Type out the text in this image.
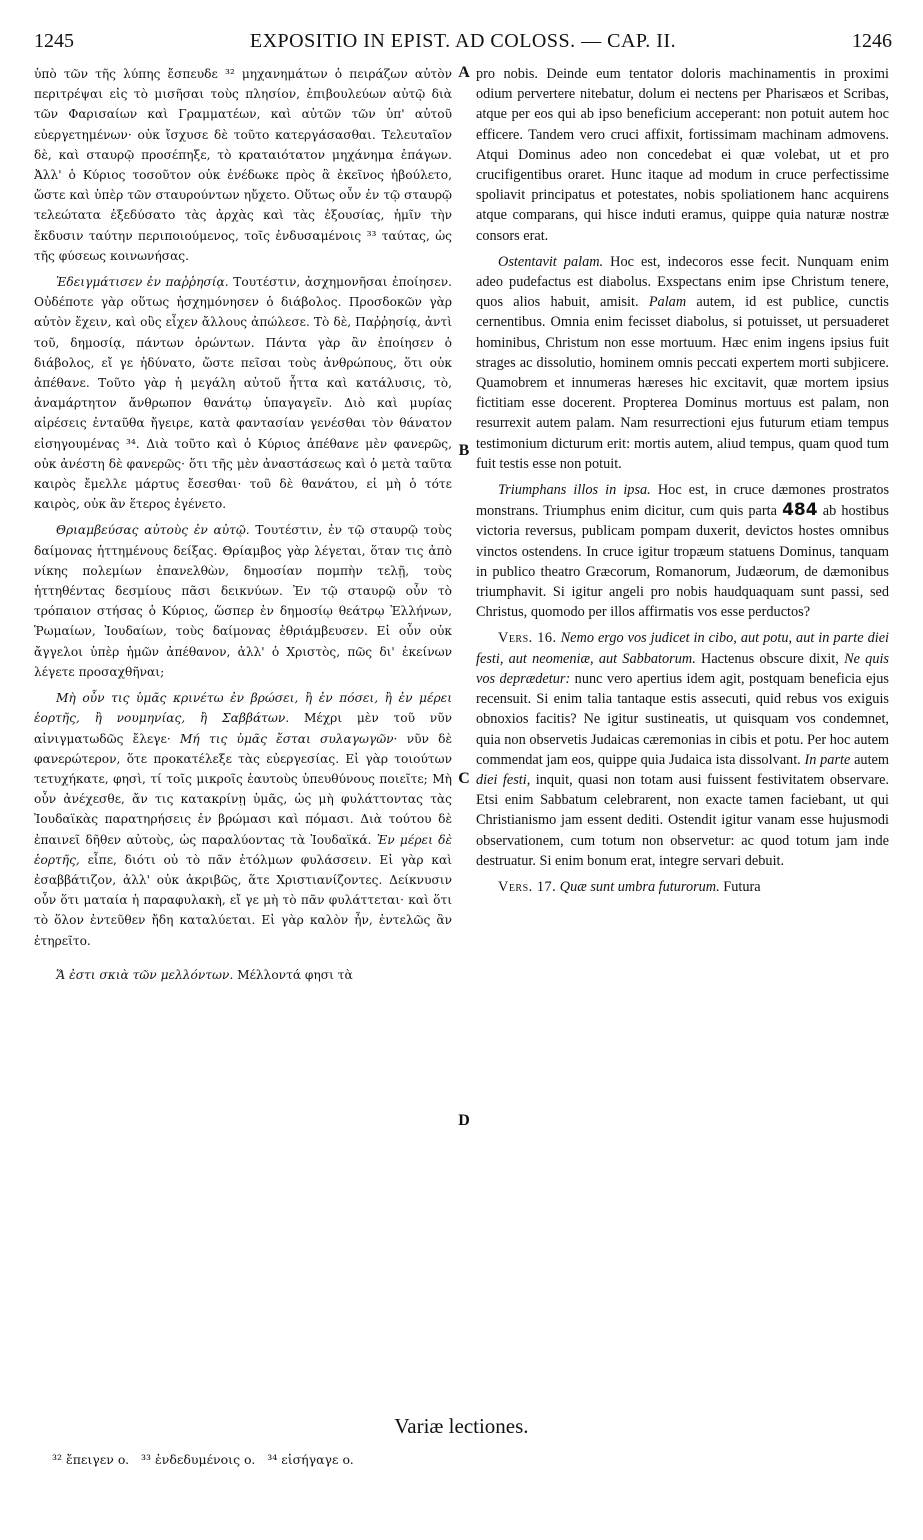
1245	EXPOSITIO IN EPIST. AD COLOSS. — CAP. II.	1246
A
B
C
D

ὑπὸ τῶν τῆς λύπης ἔσπευδε ³² μηχανημάτων ὁ πειράζων αὐτὸν περιτρέψαι εἰς τὸ μισῆσαι τοὺς πλησίον, ἐπιβουλεύων αὐτῷ διὰ τῶν Φαρισαίων καὶ Γραμματέων, καὶ αὐτῶν τῶν ὑπ' αὐτοῦ εὐεργετημένων· οὐκ ἴσχυσε δὲ τοῦτο κατεργάσασθαι. Τελευταῖον δὲ, καὶ σταυρῷ προσέπηξε, τὸ κραταιότατον μηχάνημα ἐπάγων. Ἀλλ' ὁ Κύριος τοσοῦτον οὐκ ἐνέδωκε πρὸς ἃ ἐκεῖνος ἠβούλετο, ὥστε καὶ ὑπὲρ τῶν σταυρούντων ηὔχετο. Οὕτως οὖν ἐν τῷ σταυρῷ τελεώτατα ἐξεδύσατο τὰς ἀρχὰς καὶ τὰς ἐξουσίας, ἡμῖν τὴν ἔκδυσιν ταύτην περιποιούμενος, τοῖς ἐνδυσαμένοις ³³ ταύτας, ὡς τῆς φύσεως κοινωνήσας.

Ἐδειγμάτισεν ἐν παῤῥησίᾳ. Τουτέστιν, ἀσχημονῆσαι ἐποίησεν. Οὐδέποτε γὰρ οὕτως ἠσχημόνησεν ὁ διάβολος. Προσδοκῶν γὰρ αὐτὸν ἔχειν, καὶ οὓς εἶχεν ἄλλους ἀπώλεσε. Τὸ δὲ, Παῤῥησίᾳ, ἀντὶ τοῦ, δημοσίᾳ, πάντων ὁρώντων. Πάντα γὰρ ἂν ἐποίησεν ὁ διάβολος, εἴ γε ἠδύνατο, ὥστε πεῖσαι τοὺς ἀνθρώπους, ὅτι οὐκ ἀπέθανε. Τοῦτο γὰρ ἡ μεγάλη αὐτοῦ ἧττα καὶ κατάλυσις, τὸ, ἀναμάρτητον ἄνθρωπον θανάτῳ ὑπαγαγεῖν. Διὸ καὶ μυρίας αἱρέσεις ἐνταῦθα ἤγειρε, κατὰ φαντασίαν γενέσθαι τὸν θάνατον εἰσηγουμένας ³⁴. Διὰ τοῦτο καὶ ὁ Κύριος ἀπέθανε μὲν φανερῶς, οὐκ ἀνέστη δὲ φανερῶς· ὅτι τῆς μὲν ἀναστάσεως καὶ ὁ μετὰ ταῦτα καιρὸς ἔμελλε μάρτυς ἔσεσθαι· τοῦ δὲ θανάτου, εἰ μὴ ὁ τότε καιρὸς, οὐκ ἂν ἕτερος ἐγένετο.

Θριαμβεύσας αὐτοὺς ἐν αὐτῷ. Τουτέστιν, ἐν τῷ σταυρῷ τοὺς δαίμονας ἡττημένους δείξας. Θρίαμβος γὰρ λέγεται, ὅταν τις ἀπὸ νίκης πολεμίων ἐπανελθὼν, δημοσίαν πομπὴν τελῇ, τοὺς ἡττηθέντας δεσμίους πᾶσι δεικνύων. Ἐν τῷ σταυρῷ οὖν τὸ τρόπαιον στήσας ὁ Κύριος, ὥσπερ ἐν δημοσίῳ θεάτρῳ Ἑλλήνων, Ῥωμαίων, Ἰουδαίων, τοὺς δαίμονας ἐθριάμβευσεν. Εἰ οὖν οὐκ ἄγγελοι ὑπὲρ ἡμῶν ἀπέθανον, ἀλλ' ὁ Χριστὸς, πῶς δι' ἐκείνων λέγετε προσαχθῆναι;

Μὴ οὖν τις ὑμᾶς κρινέτω ἐν βρώσει, ἢ ἐν πόσει, ἢ ἐν μέρει ἑορτῆς, ἢ νουμηνίας, ἢ Σαββάτων. Μέχρι μὲν τοῦ νῦν αἰνιγματωδῶς ἔλεγε· Μή τις ὑμᾶς ἔσται συλαγωγῶν· νῦν δὲ φανερώτερον, ὅτε προκατέλεξε τὰς εὐεργεσίας. Εἰ γὰρ τοιούτων τετυχήκατε, φησὶ, τί τοῖς μικροῖς ἑαυτοὺς ὑπευθύνους ποιεῖτε; Μὴ οὖν ἀνέχεσθε, ἄν τις κατακρίνῃ ὑμᾶς, ὡς μὴ φυλάττοντας τὰς Ἰουδαϊκὰς παρατηρήσεις ἐν βρώμασι καὶ πόμασι. Διὰ τούτου δὲ ἐπαινεῖ δῆθεν αὐτοὺς, ὡς παραλύοντας τὰ Ἰουδαϊκά. Ἐν μέρει δὲ ἑορτῆς, εἶπε, διότι οὐ τὸ πᾶν ἐτόλμων φυλάσσειν. Εἰ γὰρ καὶ ἐσαββάτιζον, ἀλλ' οὐκ ἀκριβῶς, ἅτε Χριστιανίζοντες. Δείκνυσιν οὖν ὅτι ματαία ἡ παραφυλακὴ, εἴ γε μὴ τὸ πᾶν φυλάττεται· καὶ ὅτι τὸ ὅλον ἐντεῦθεν ἤδη καταλύεται. Εἰ γὰρ καλὸν ἦν, ἐντελῶς ἂν ἐτηρεῖτο.

Ἅ ἐστι σκιὰ τῶν μελλόντων. Μέλλοντά φησι τὰ

pro nobis. Deinde eum tentator doloris machinamentis in proximi odium pervertere nitebatur, dolum ei nectens per Pharisæos et Scribas, atque per eos qui ab ipso beneficium acceperant: non potuit autem hoc efficere. Tandem vero cruci affixit, fortissimam machinam admovens. Atqui Dominus adeo non concedebat ei quæ volebat, ut et pro crucifigentibus oraret. Hunc itaque ad modum in cruce perfectissime spoliavit principatus et potestates, nobis spoliationem hanc acquirens atque comparans, qui hisce induti eramus, quippe quia naturæ nostræ consors erat.

Ostentavit palam. Hoc est, indecoros esse fecit. Nunquam enim adeo pudefactus est diabolus. Exspectans enim ipse Christum tenere, quos alios habuit, amisit. Palam autem, id est publice, cunctis cernentibus. Omnia enim fecisset diabolus, si potuisset, ut persuaderet hominibus, Christum non esse mortuum. Hæc enim ingens ipsius fuit strages ac dissolutio, hominem omnis peccati expertem morti subjicere. Quamobrem et innumeras hæreses hic excitavit, quæ mortem ipsius fictitiam esse docerent. Propterea Dominus mortuus est palam, non resurrexit autem palam. Nam resurrectioni ejus futurum etiam tempus testimonium dicturum erit: mortis autem, aliud tempus, quam quod tum fuit testis esse non potuit.

Triumphans illos in ipsa. Hoc est, in cruce dæmones prostratos monstrans. Triumphus enim dicitur, cum quis parta 484 ab hostibus victoria reversus, publicam pompam duxerit, devictos hostes omnibus vinctos ostendens. In cruce igitur tropæum statuens Dominus, tanquam in publico theatro Græcorum, Romanorum, Judæorum, de dæmonibus triumphavit. Si igitur angeli pro nobis haudquaquam sunt passi, sed Christus, quomodo per illos affirmatis vos esse perductos?

Vers. 16. Nemo ergo vos judicet in cibo, aut potu, aut in parte diei festi, aut neomeniæ, aut Sabbatorum. Hactenus obscure dixit, Ne quis vos deprædetur: nunc vero apertius idem agit, postquam beneficia ejus recensuit. Si enim talia tantaque estis assecuti, quid rebus vos exiguis obnoxios facitis? Ne igitur sustineatis, ut quisquam vos condemnet, quia non observetis Judaicas cæremonias in cibis et potu. Per hoc autem commendat jam eos, quippe quia Judaica ista dissolvant. In parte autem diei festi, inquit, quasi non totam ausi fuissent festivitatem observare. Etsi enim Sabbatum celebrarent, non exacte tamen faciebant, ut qui Christianismo jam essent dediti. Ostendit igitur vanam esse hujusmodi observationem, cum totum non observetur: ac quod totum jam inde destruatur. Si enim bonum erat, integre servari debuit.

Vers. 17. Quæ sunt umbra futurorum. Futura

Variæ lectiones.
³² ἔπειγεν o.   ³³ ἐνδεδυμένοις o.   ³⁴ εἰσήγαγε o.
